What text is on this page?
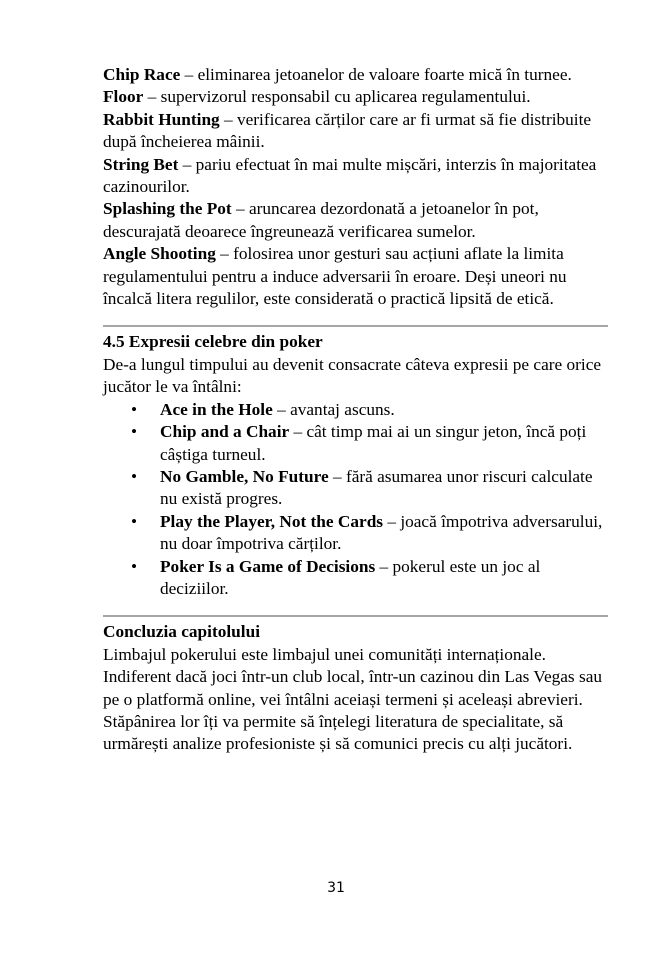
Chip Race – eliminarea jetoanelor de valoare foarte mică în turnee.

Floor – supervizorul responsabil cu aplicarea regulamentului.

Rabbit Hunting – verificarea cărților care ar fi urmat să fie distribuite după încheierea mâinii.

String Bet – pariu efectuat în mai multe mișcări, interzis în majoritatea cazinourilor.

Splashing the Pot – aruncarea dezordonată a jetoanelor în pot, descurajată deoarece îngreunează verificarea sumelor.

Angle Shooting – folosirea unor gesturi sau acțiuni aflate la limita regulamentului pentru a induce adversarii în eroare. Deși uneori nu încalcă litera regulilor, este considerată o practică lipsită de etică.

4.5 Expresii celebre din poker

De-a lungul timpului au devenit consacrate câteva expresii pe care orice jucător le va întâlni:

• Ace in the Hole – avantaj ascuns.
• Chip and a Chair – cât timp mai ai un singur jeton, încă poți câștiga turneul.
• No Gamble, No Future – fără asumarea unor riscuri calculate nu există progres.
• Play the Player, Not the Cards – joacă împotriva adversarului, nu doar împotriva cărților.
• Poker Is a Game of Decisions – pokerul este un joc al deciziilor.

Concluzia capitolului

Limbajul pokerului este limbajul unei comunități internaționale. Indiferent dacă joci într-un club local, într-un cazinou din Las Vegas sau pe o platformă online, vei întâlni aceiași termeni și aceleași abrevieri. Stăpânirea lor îți va permite să înțelegi literatura de specialitate, să urmărești analize profesioniste și să comunici precis cu alți jucători.

31
